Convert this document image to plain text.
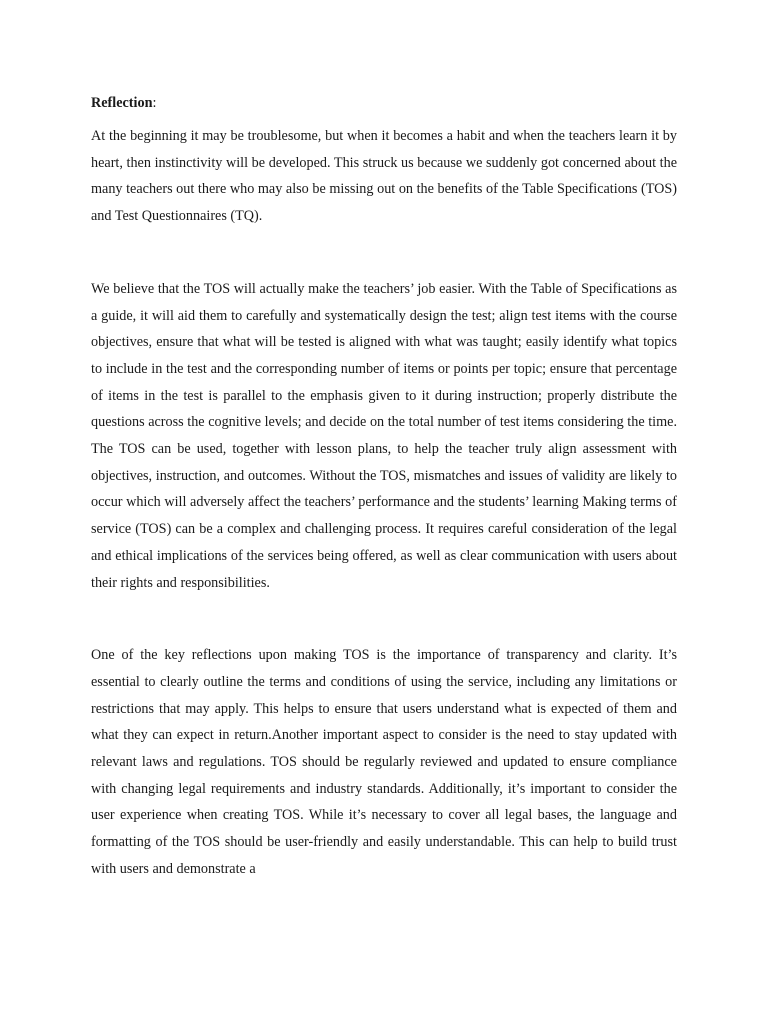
Reflection:

At the beginning it may be troublesome, but when it becomes a habit and when the teachers learn it by heart, then instinctivity will be developed. This struck us because we suddenly got concerned about the many teachers out there who may also be missing out on the benefits of the Table Specifications (TOS) and Test Questionnaires (TQ).

We believe that the TOS will actually make the teachers’ job easier. With the Table of Specifications as a guide, it will aid them to carefully and systematically design the test; align test items with the course objectives, ensure that what will be tested is aligned with what was taught; easily identify what topics to include in the test and the corresponding number of items or points per topic; ensure that percentage of items in the test is parallel to the emphasis given to it during instruction; properly distribute the questions across the cognitive levels; and decide on the total number of test items considering the time. The TOS can be used, together with lesson plans, to help the teacher truly align assessment with objectives, instruction, and outcomes. Without the TOS, mismatches and issues of validity are likely to occur which will adversely affect the teachers’ performance and the students’ learning Making terms of service (TOS) can be a complex and challenging process. It requires careful consideration of the legal and ethical implications of the services being offered, as well as clear communication with users about their rights and responsibilities.

One of the key reflections upon making TOS is the importance of transparency and clarity. It’s essential to clearly outline the terms and conditions of using the service, including any limitations or restrictions that may apply. This helps to ensure that users understand what is expected of them and what they can expect in return.Another important aspect to consider is the need to stay updated with relevant laws and regulations. TOS should be regularly reviewed and updated to ensure compliance with changing legal requirements and industry standards. Additionally, it’s important to consider the user experience when creating TOS. While it’s necessary to cover all legal bases, the language and formatting of the TOS should be user-friendly and easily understandable. This can help to build trust with users and demonstrate a
